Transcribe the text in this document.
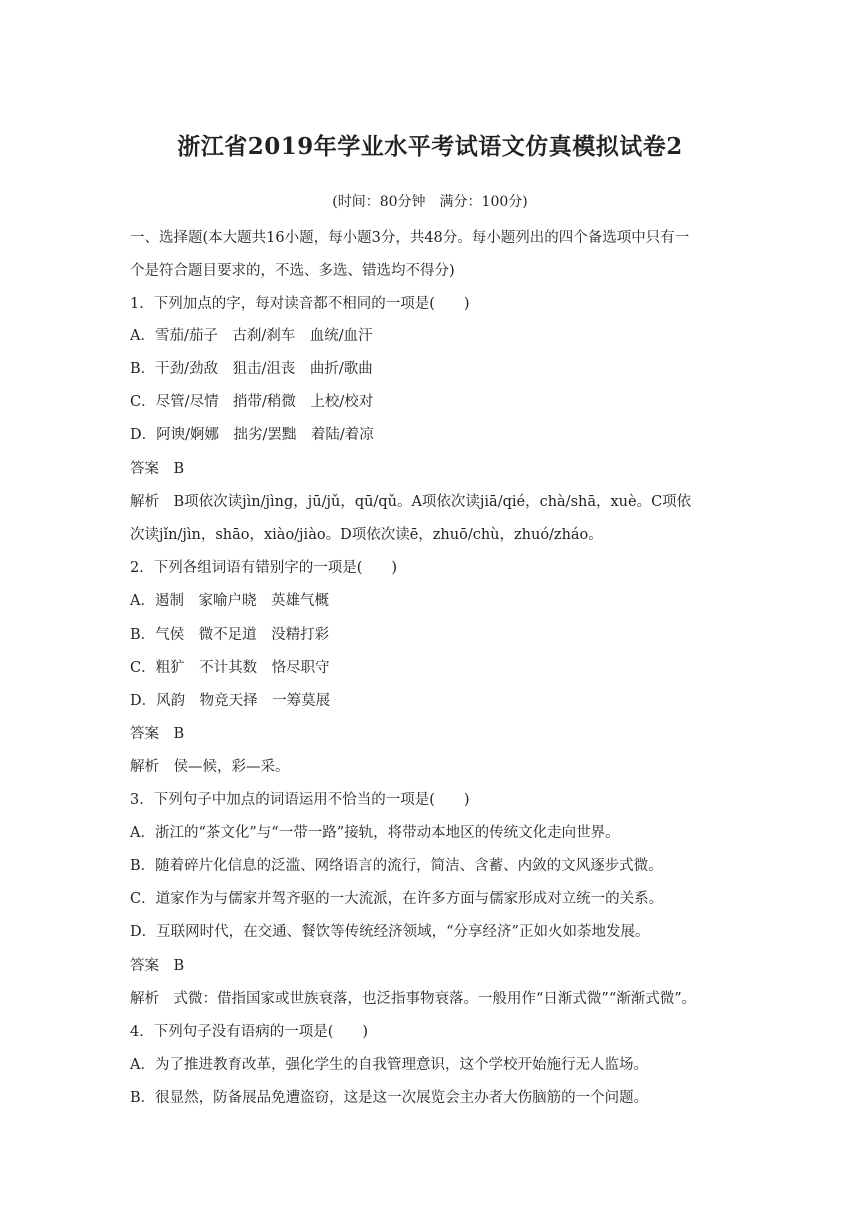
浙江省2019年学业水平考试语文仿真模拟试卷2
(时间：80分钟　满分：100分)
一、选择题(本大题共16小题，每小题3分，共48分。每小题列出的四个备选项中只有一
个是符合题目要求的，不选、多选、错选均不得分)
1．下列加点的字，每对读音都不相同的一项是(　　)
A．雪茄/茄子　古刹/刹车　血统/血汗
B．干劲/劲敌　狙击/沮丧　曲折/歌曲
C．尽管/尽情　捎带/稍微　上校/校对
D．阿谀/婀娜　拙劣/罢黜　着陆/着凉
答案　B
解析　B项依次读jìn/jìng，jū/jǔ，qū/qǔ。A项依次读jiā/qié，chà/shā，xuè。C项依
次读jǐn/jìn，shāo，xiào/jiào。D项依次读ē，zhuō/chù，zhuó/zháo。
2．下列各组词语有错别字的一项是(　　)
A．遏制　家喻户晓　英雄气概
B．气侯　微不足道　没精打彩
C．粗犷　不计其数　恪尽职守
D．风韵　物竞天择　一筹莫展
答案　B
解析　侯—候，彩—采。
3．下列句子中加点的词语运用不恰当的一项是(　　)
A．浙江的“茶文化”与“一带一路”接轨，将带动本地区的传统文化走向世界。
B．随着碎片化信息的泛滥、网络语言的流行，简洁、含蓄、内敛的文风逐步式微。
C．道家作为与儒家并驾齐驱的一大流派，在许多方面与儒家形成对立统一的关系。
D．互联网时代，在交通、餐饮等传统经济领域，“分享经济”正如火如荼地发展。
答案　B
解析　式微：借指国家或世族衰落，也泛指事物衰落。一般用作“日渐式微”“渐渐式微”。
4．下列句子没有语病的一项是(　　)
A．为了推进教育改革，强化学生的自我管理意识，这个学校开始施行无人监场。
B．很显然，防备展品免遭盗窃，这是这一次展览会主办者大伤脑筋的一个问题。
